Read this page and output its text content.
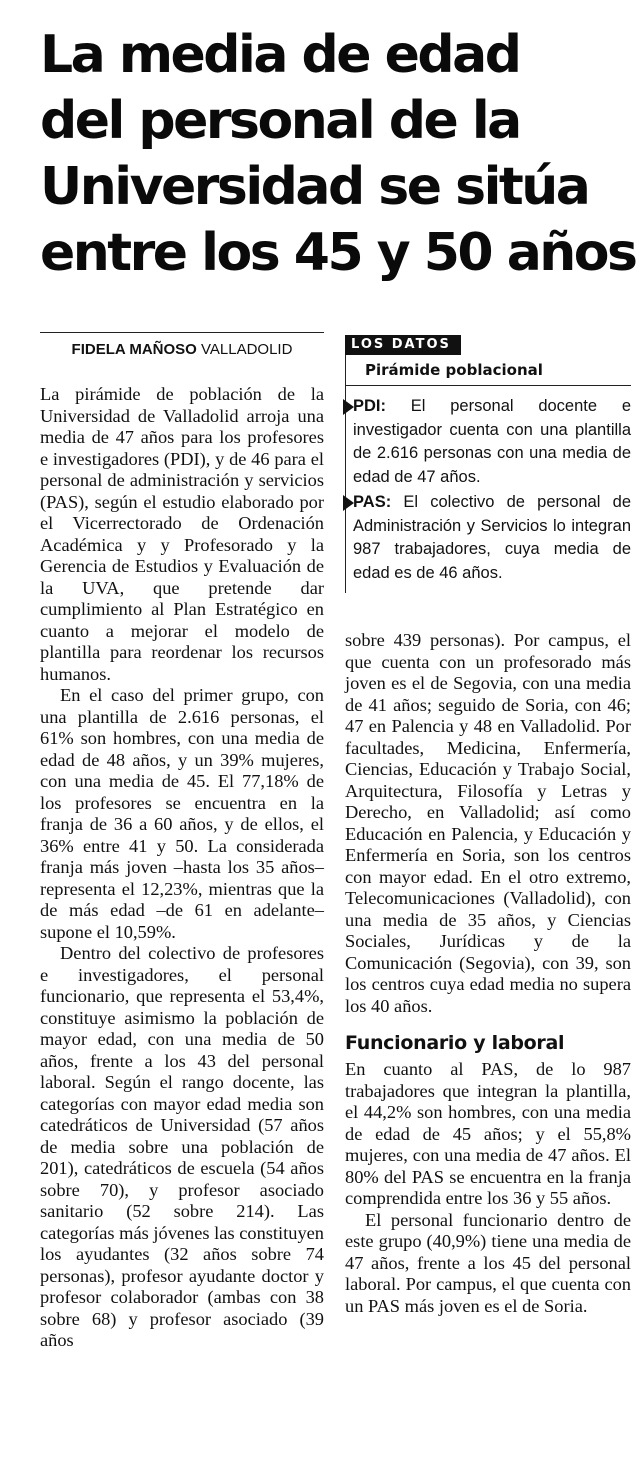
La media de edad
del personal de la
Universidad se sitúa
entre los 45 y 50 años
FIDELA MAÑOSO VALLADOLID	LOS DATOS
Pirámide poblacional
PDI: El personal docente e investigador cuenta con una plantilla de 2.616 personas con una media de edad de 47 años.
PAS: El colectivo de personal de Administración y Servicios lo integran 987 trabajadores, cuya media de edad es de 46 años.

La pirámide de población de la Universidad de Valladolid arroja una media de 47 años para los profesores e investigadores (PDI), y de 46 para el personal de administración y servicios (PAS), según el estudio elaborado por el Vicerrectorado de Ordenación Académica y y Profesorado y la Gerencia de Estudios y Evaluación de la UVA, que pretende dar cumplimiento al Plan Estratégico en cuanto a mejorar el modelo de plantilla para reordenar los recursos humanos.

En el caso del primer grupo, con una plantilla de 2.616 personas, el 61% son hombres, con una media de edad de 48 años, y un 39% mujeres, con una media de 45. El 77,18% de los profesores se encuentra en la franja de 36 a 60 años, y de ellos, el 36% entre 41 y 50. La considerada franja más joven –hasta los 35 años– representa el 12,23%, mientras que la de más edad –de 61 en adelante– supone el 10,59%.

Dentro del colectivo de profesores e investigadores, el personal funcionario, que representa el 53,4%, constituye asimismo la población de mayor edad, con una media de 50 años, frente a los 43 del personal laboral. Según el rango docente, las categorías con mayor edad media son catedráticos de Universidad (57 años de media sobre una población de 201), catedráticos de escuela (54 años sobre 70), y profesor asociado sanitario (52 sobre 214). Las categorías más jóvenes las constituyen los ayudantes (32 años sobre 74 personas), profesor ayudante doctor y profesor colaborador (ambas con 38 sobre 68) y profesor asociado (39 años

sobre 439 personas). Por campus, el que cuenta con un profesorado más joven es el de Segovia, con una media de 41 años; seguido de Soria, con 46; 47 en Palencia y 48 en Valladolid. Por facultades, Medicina, Enfermería, Ciencias, Educación y Trabajo Social, Arquitectura, Filosofía y Letras y Derecho, en Valladolid; así como Educación en Palencia, y Educación y Enfermería en Soria, son los centros con mayor edad. En el otro extremo, Telecomunicaciones (Valladolid), con una media de 35 años, y Ciencias Sociales, Jurídicas y de la Comunicación (Segovia), con 39, son los centros cuya edad media no supera los 40 años.

Funcionario y laboral

En cuanto al PAS, de lo 987 trabajadores que integran la plantilla, el 44,2% son hombres, con una media de edad de 45 años; y el 55,8% mujeres, con una media de 47 años. El 80% del PAS se encuentra en la franja comprendida entre los 36 y 55 años.

El personal funcionario dentro de este grupo (40,9%) tiene una media de 47 años, frente a los 45 del personal laboral. Por campus, el que cuenta con un PAS más joven es el de Soria.
